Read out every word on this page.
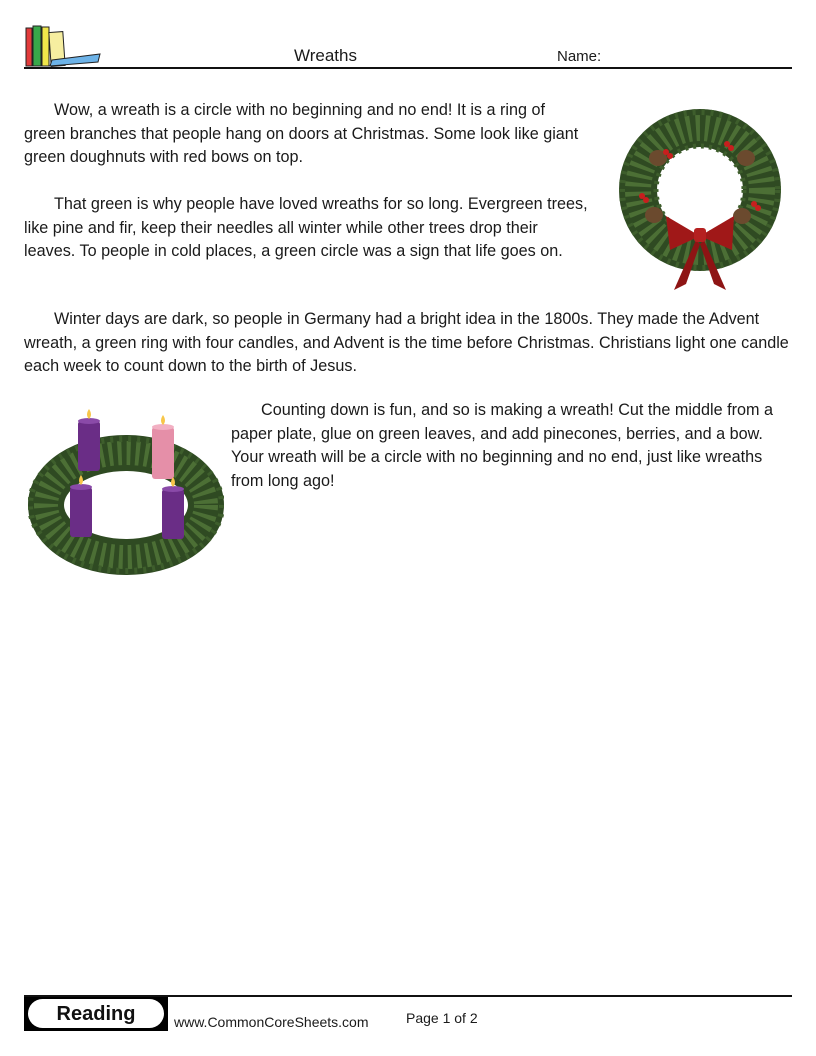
Wreaths	Name:

Wow, a wreath is a circle with no beginning and no end! It is a ring of green branches that people hang on doors at Christmas. Some look like giant green doughnuts with red bows on top.

That green is why people have loved wreaths for so long. Evergreen trees, like pine and fir, keep their needles all winter while other trees drop their leaves. To people in cold places, a green circle was a sign that life goes on.

Winter days are dark, so people in Germany had a bright idea in the 1800s. They made the Advent wreath, a green ring with four candles, and Advent is the time before Christmas. Christians light one candle each week to count down to the birth of Jesus.

Counting down is fun, and so is making a wreath! Cut the middle from a paper plate, glue on green leaves, and add pinecones, berries, and a bow. Your wreath will be a circle with no beginning and no end, just like wreaths from long ago!

Reading	www.CommonCoreSheets.com	Page 1 of 2
